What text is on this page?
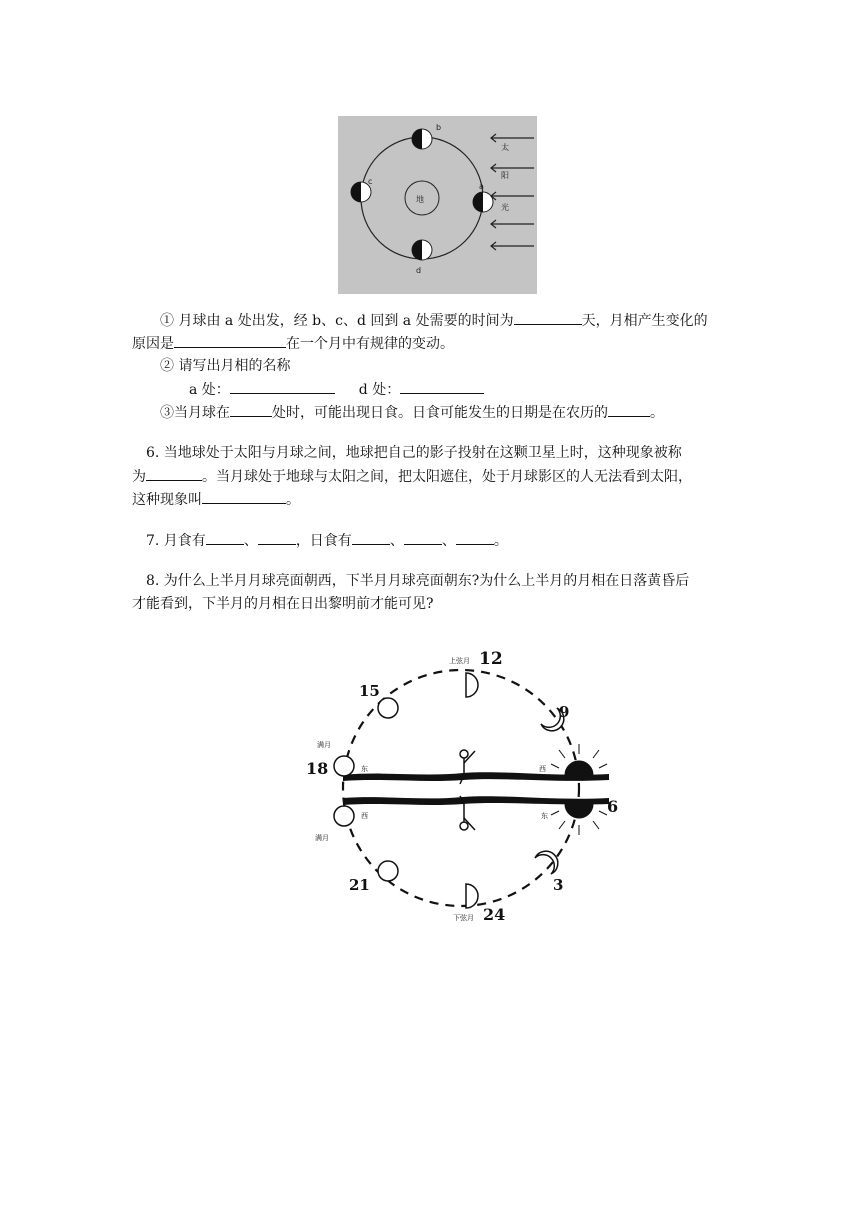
地
b
c
a
d
太
阳
光
① 月球由 a 处出发，经 b、c、d 回到 a 处需要的时间为	天，月相产生变化的
原因是	在一个月中有规律的变动。
② 请写出月相的名称
a 处：	d 处：
③当月球在	处时，可能出现日食。日食可能发生的日期是在农历的	。
6. 当地球处于太阳与月球之间，地球把自己的影子投射在这颗卫星上时，这种现象被称
为	。当月球处于地球与太阳之间，把太阳遮住，处于月球影区的人无法看到太阳，
这种现象叫	。
7. 月食有	、	，日食有	、	、	。
8. 为什么上半月月球亮面朝西，下半月月球亮面朝东?为什么上半月的月相在日落黄昏后
才能看到，下半月的月相在日出黎明前才能可见?
12
9
15
18
6
21	3
24
上弦月
下弦月
满月
满月
东	西
西	东
